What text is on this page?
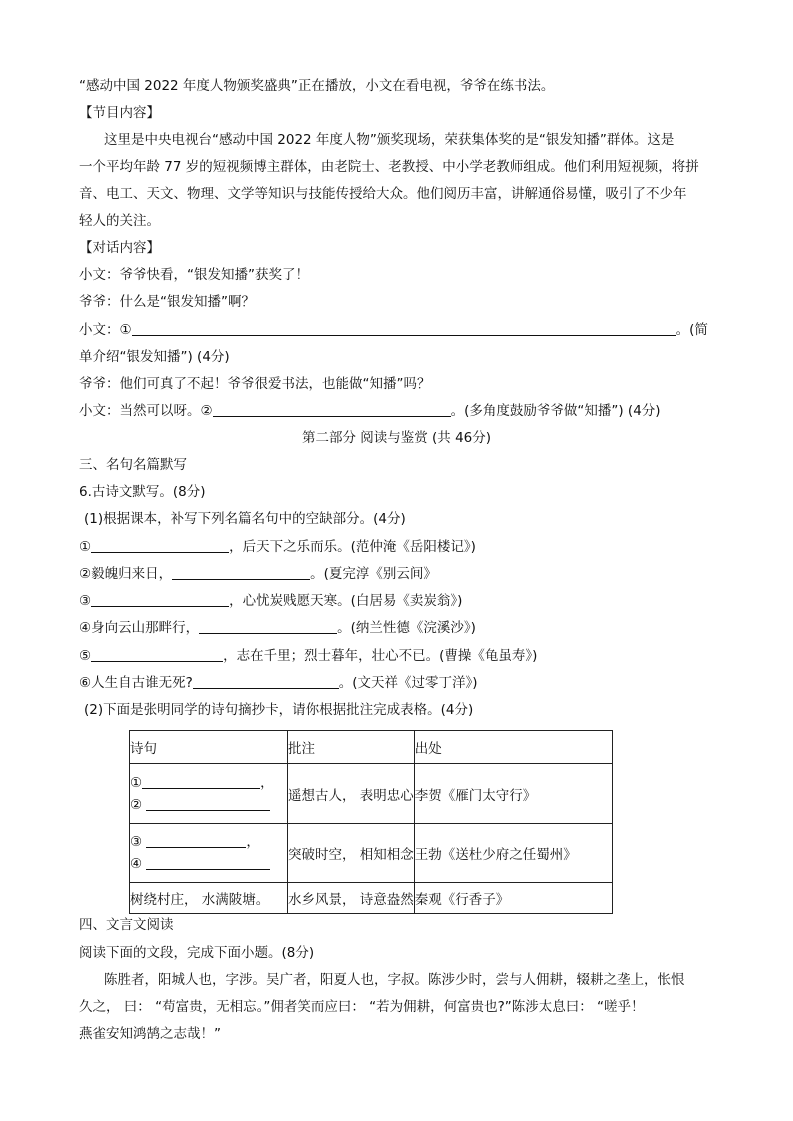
“感动中国 2022 年度人物颁奖盛典”正在播放，小文在看电视，爷爷在练书法。
【节目内容】
这里是中央电视台“感动中国 2022 年度人物”颁奖现场，荣获集体奖的是“银发知播”群体。这是
一个平均年龄 77 岁的短视频博主群体，由老院士、老教授、中小学老教师组成。他们利用短视频，将拼
音、电工、天文、物理、文学等知识与技能传授给大众。他们阅历丰富，讲解通俗易懂，吸引了不少年
轻人的关注。
【对话内容】
小文：爷爷快看，“银发知播”获奖了！
爷爷：什么是“银发知播”啊？
小文：①	。(简
单介绍“银发知播”) (4分)
爷爷：他们可真了不起！爷爷很爱书法，也能做“知播”吗？
小文：当然可以呀。②	。(多角度鼓励爷爷做“知播”) (4分)
第二部分 阅读与鉴赏 (共 46分)
三、名句名篇默写
6.古诗文默写。(8分)
(1)根据课本，补写下列名篇名句中的空缺部分。(4分)
①	，后天下之乐而乐。(范仲淹《岳阳楼记》)
②毅魄归来日，	。(夏完淳《别云间》
③	，心忧炭贱愿天寒。(白居易《卖炭翁》)
④身向云山那畔行，	。(纳兰性德《浣溪沙》)
⑤	，志在千里；烈士暮年，壮心不已。(曹操《龟虽寿》)
⑥人生自古谁无死?	。(文天祥《过零丁洋》)
(2)下面是张明同学的诗句摘抄卡，请你根据批注完成表格。(4分)
诗句	批注	出处

① ，
②	遥想古人， 表明忠心	李贺《雁门太守行》

③ ，
④	突破时空， 相知相念	王勃《送杜少府之任蜀州》
树绕村庄， 水满陂塘。	水乡风景， 诗意盎然	秦观《行香子》
四、文言文阅读
阅读下面的文段，完成下面小题。(8分)
陈胜者，阳城人也，字涉。吴广者，阳夏人也，字叔。陈涉少时，尝与人佣耕，辍耕之垄上，怅恨
久之， 曰： “苟富贵，无相忘。”佣者笑而应曰： “若为佣耕，何富贵也?”陈涉太息曰： “嗟乎！
燕雀安知鸿鹄之志哉！”
